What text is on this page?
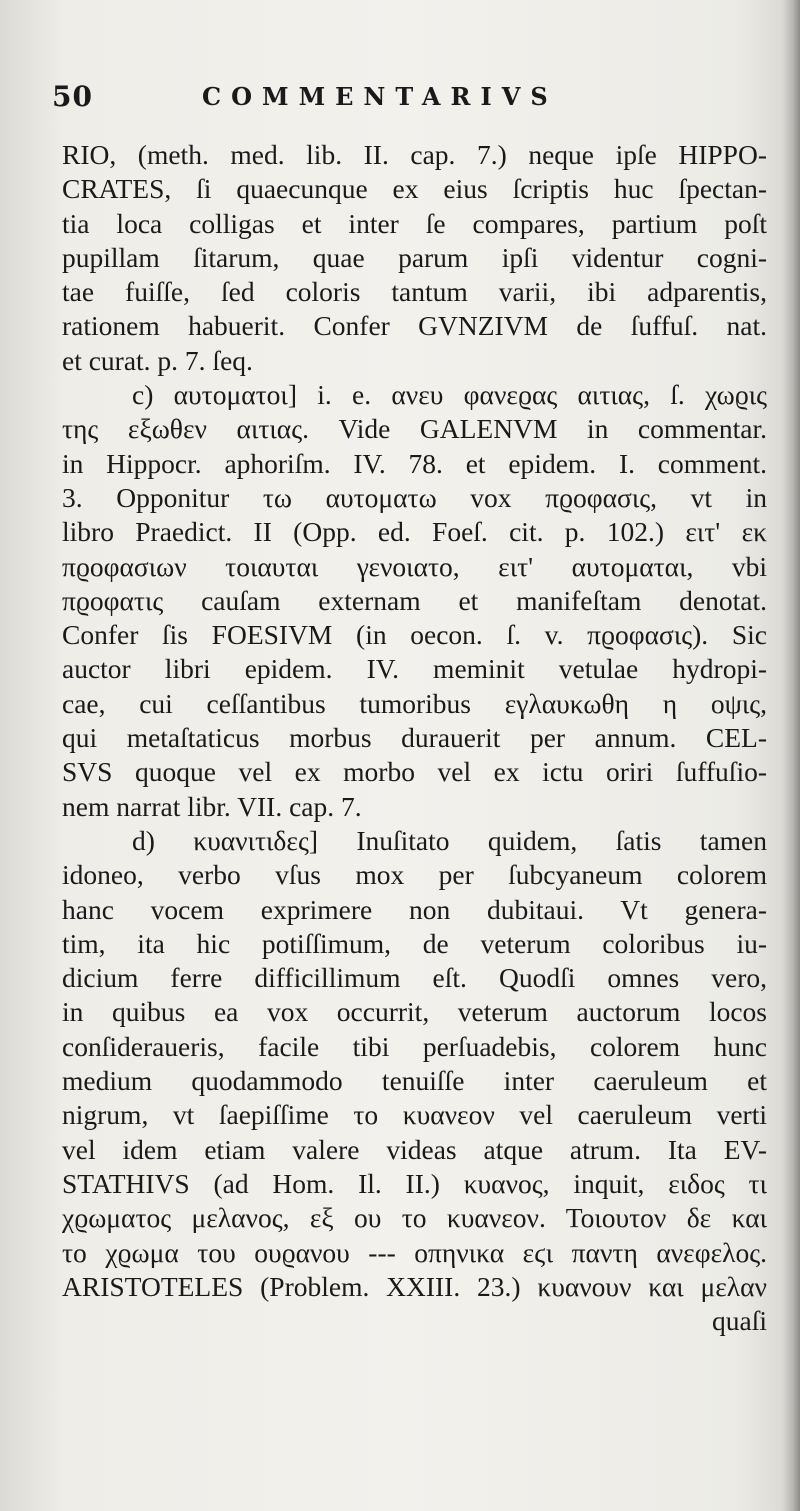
50	COMMENTARIVS
RIO, (meth. med. lib. II. cap. 7.) neque ipſe HIPPO-
CRATES, ſi quaecunque ex eius ſcriptis huc ſpectan-
tia loca colligas et inter ſe compares, partium poſt
pupillam ſitarum, quae parum ipſi videntur cogni-
tae fuiſſe, ſed coloris tantum varii, ibi adparentis,
rationem habuerit. Confer GVNZIVM de ſuffuſ. nat.
et curat. p. 7. ſeq.
c) αυτοματοι] i. e. ανευ φανεϱας αιτιας, ſ. χωϱις
της εξωθεν αιτιας. Vide GALENVM in commentar.
in Hippocr. aphoriſm. IV. 78. et epidem. I. comment.
3. Opponitur τω αυτοματω vox πϱοφασις, vt in
libro Praedict. II (Opp. ed. Foeſ. cit. p. 102.) ειτ' εκ
πϱοφασιων τοιαυται γενοιατο, ειτ' αυτομαται, vbi
πϱοφατις cauſam externam et manifeſtam denotat.
Confer ſis FOESIVM (in oecon. ſ. v. πϱοφασις). Sic
auctor libri epidem. IV. meminit vetulae hydropi-
cae, cui ceſſantibus tumoribus εγλαυκωθη η οψις,
qui metaſtaticus morbus durauerit per annum. CEL-
SVS quoque vel ex morbo vel ex ictu oriri ſuffuſio-
nem narrat libr. VII. cap. 7.
d) κυανιτιδες] Inuſitato quidem, ſatis tamen
idoneo, verbo vſus mox per ſubcyaneum colorem
hanc vocem exprimere non dubitaui. Vt genera-
tim, ita hic potiſſimum, de veterum coloribus iu-
dicium ferre difficillimum eſt. Quodſi omnes vero,
in quibus ea vox occurrit, veterum auctorum locos
conſideraueris, facile tibi perſuadebis, colorem hunc
medium quodammodo tenuiſſe inter caeruleum et
nigrum, vt ſaepiſſime το κυανεον vel caeruleum verti
vel idem etiam valere videas atque atrum. Ita EV-
STATHIVS (ad Hom. Il. II.) κυανος, inquit, ειδος τι
χϱωματος μελανος, εξ ου το κυανεον. Τοιουτον δε και
το χϱωμα του ουϱανου --- οπηνικα εϛι παντη ανεφελος.
ARISTOTELES (Problem. XXIII. 23.) κυανουν και μελαν
quaſi
